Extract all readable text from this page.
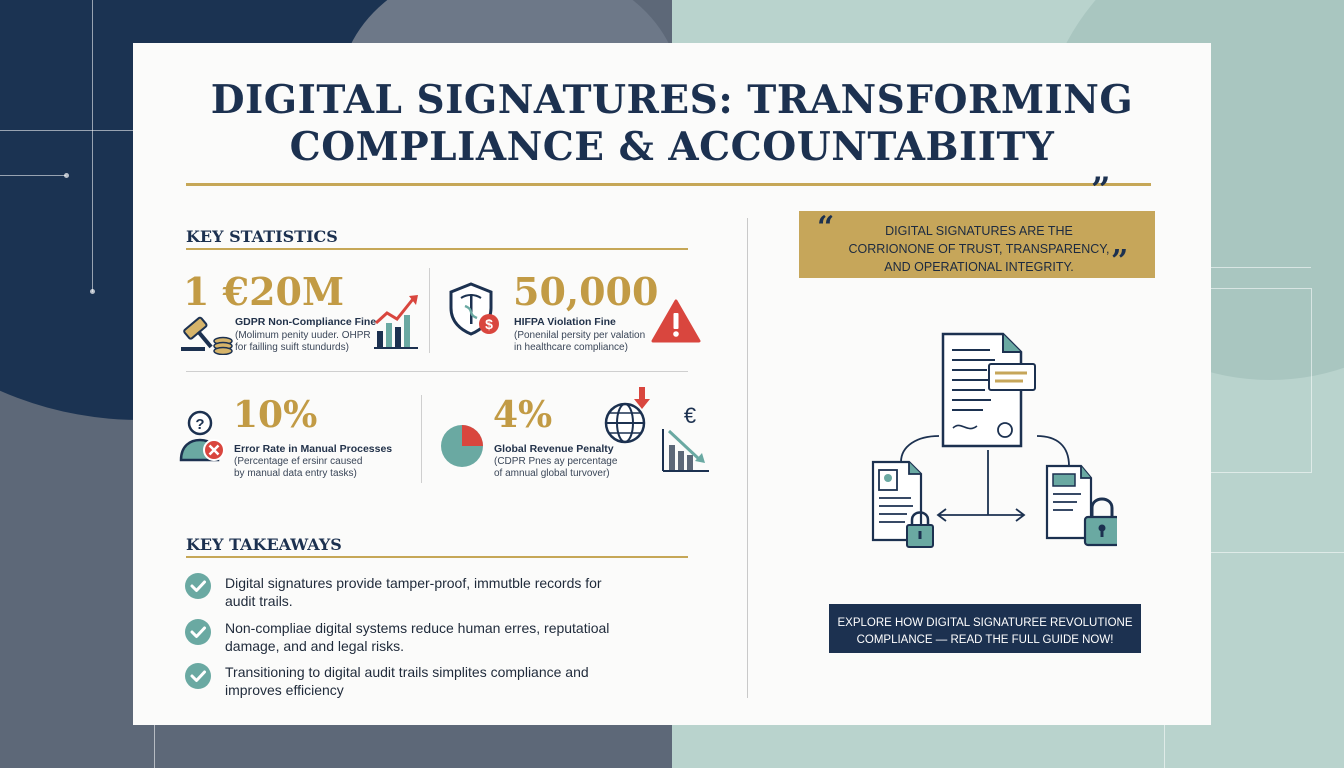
DIGITAL SIGNATURES: TRANSFORMING
COMPLIANCE & ACCOUNTABIITY
”
KEY STATISTICS
1 €20M
GDPR Non-Compliance Fine
(Molimum penity uuder. OHPR
for failling suift stundurds)
$
50,000
HIFPA Violation Fine
(Ponenilal persity per valation
in healthcare compliance)
? 10%
Error Rate in Manual Processes
(Percentage ef ersinr caused
by manual data entry tasks)
4%
Global Revenue Penalty
(CDPR Pnes ay percentage
of amnual global turvover)
€
KEY TAKEAWAYS
Digital signatures provide tamper-proof, immutble records for
audit trails.
Non-compliae digital systems reduce human erres, reputatioal
damage, and and legal risks.
Transitioning to digital audit trails simplites compliance and
improves efficiency
“	DIGITAL SIGNATURES ARE THE
CORRIONONE OF TRUST, TRANSPARENCY,
AND OPERATIONAL INTEGRITY.	”
EXPLORE HOW DIGITAL SIGNATUREE REVOLUTIONE
COMPLIANCE — READ THE FULL GUIDE NOW!
